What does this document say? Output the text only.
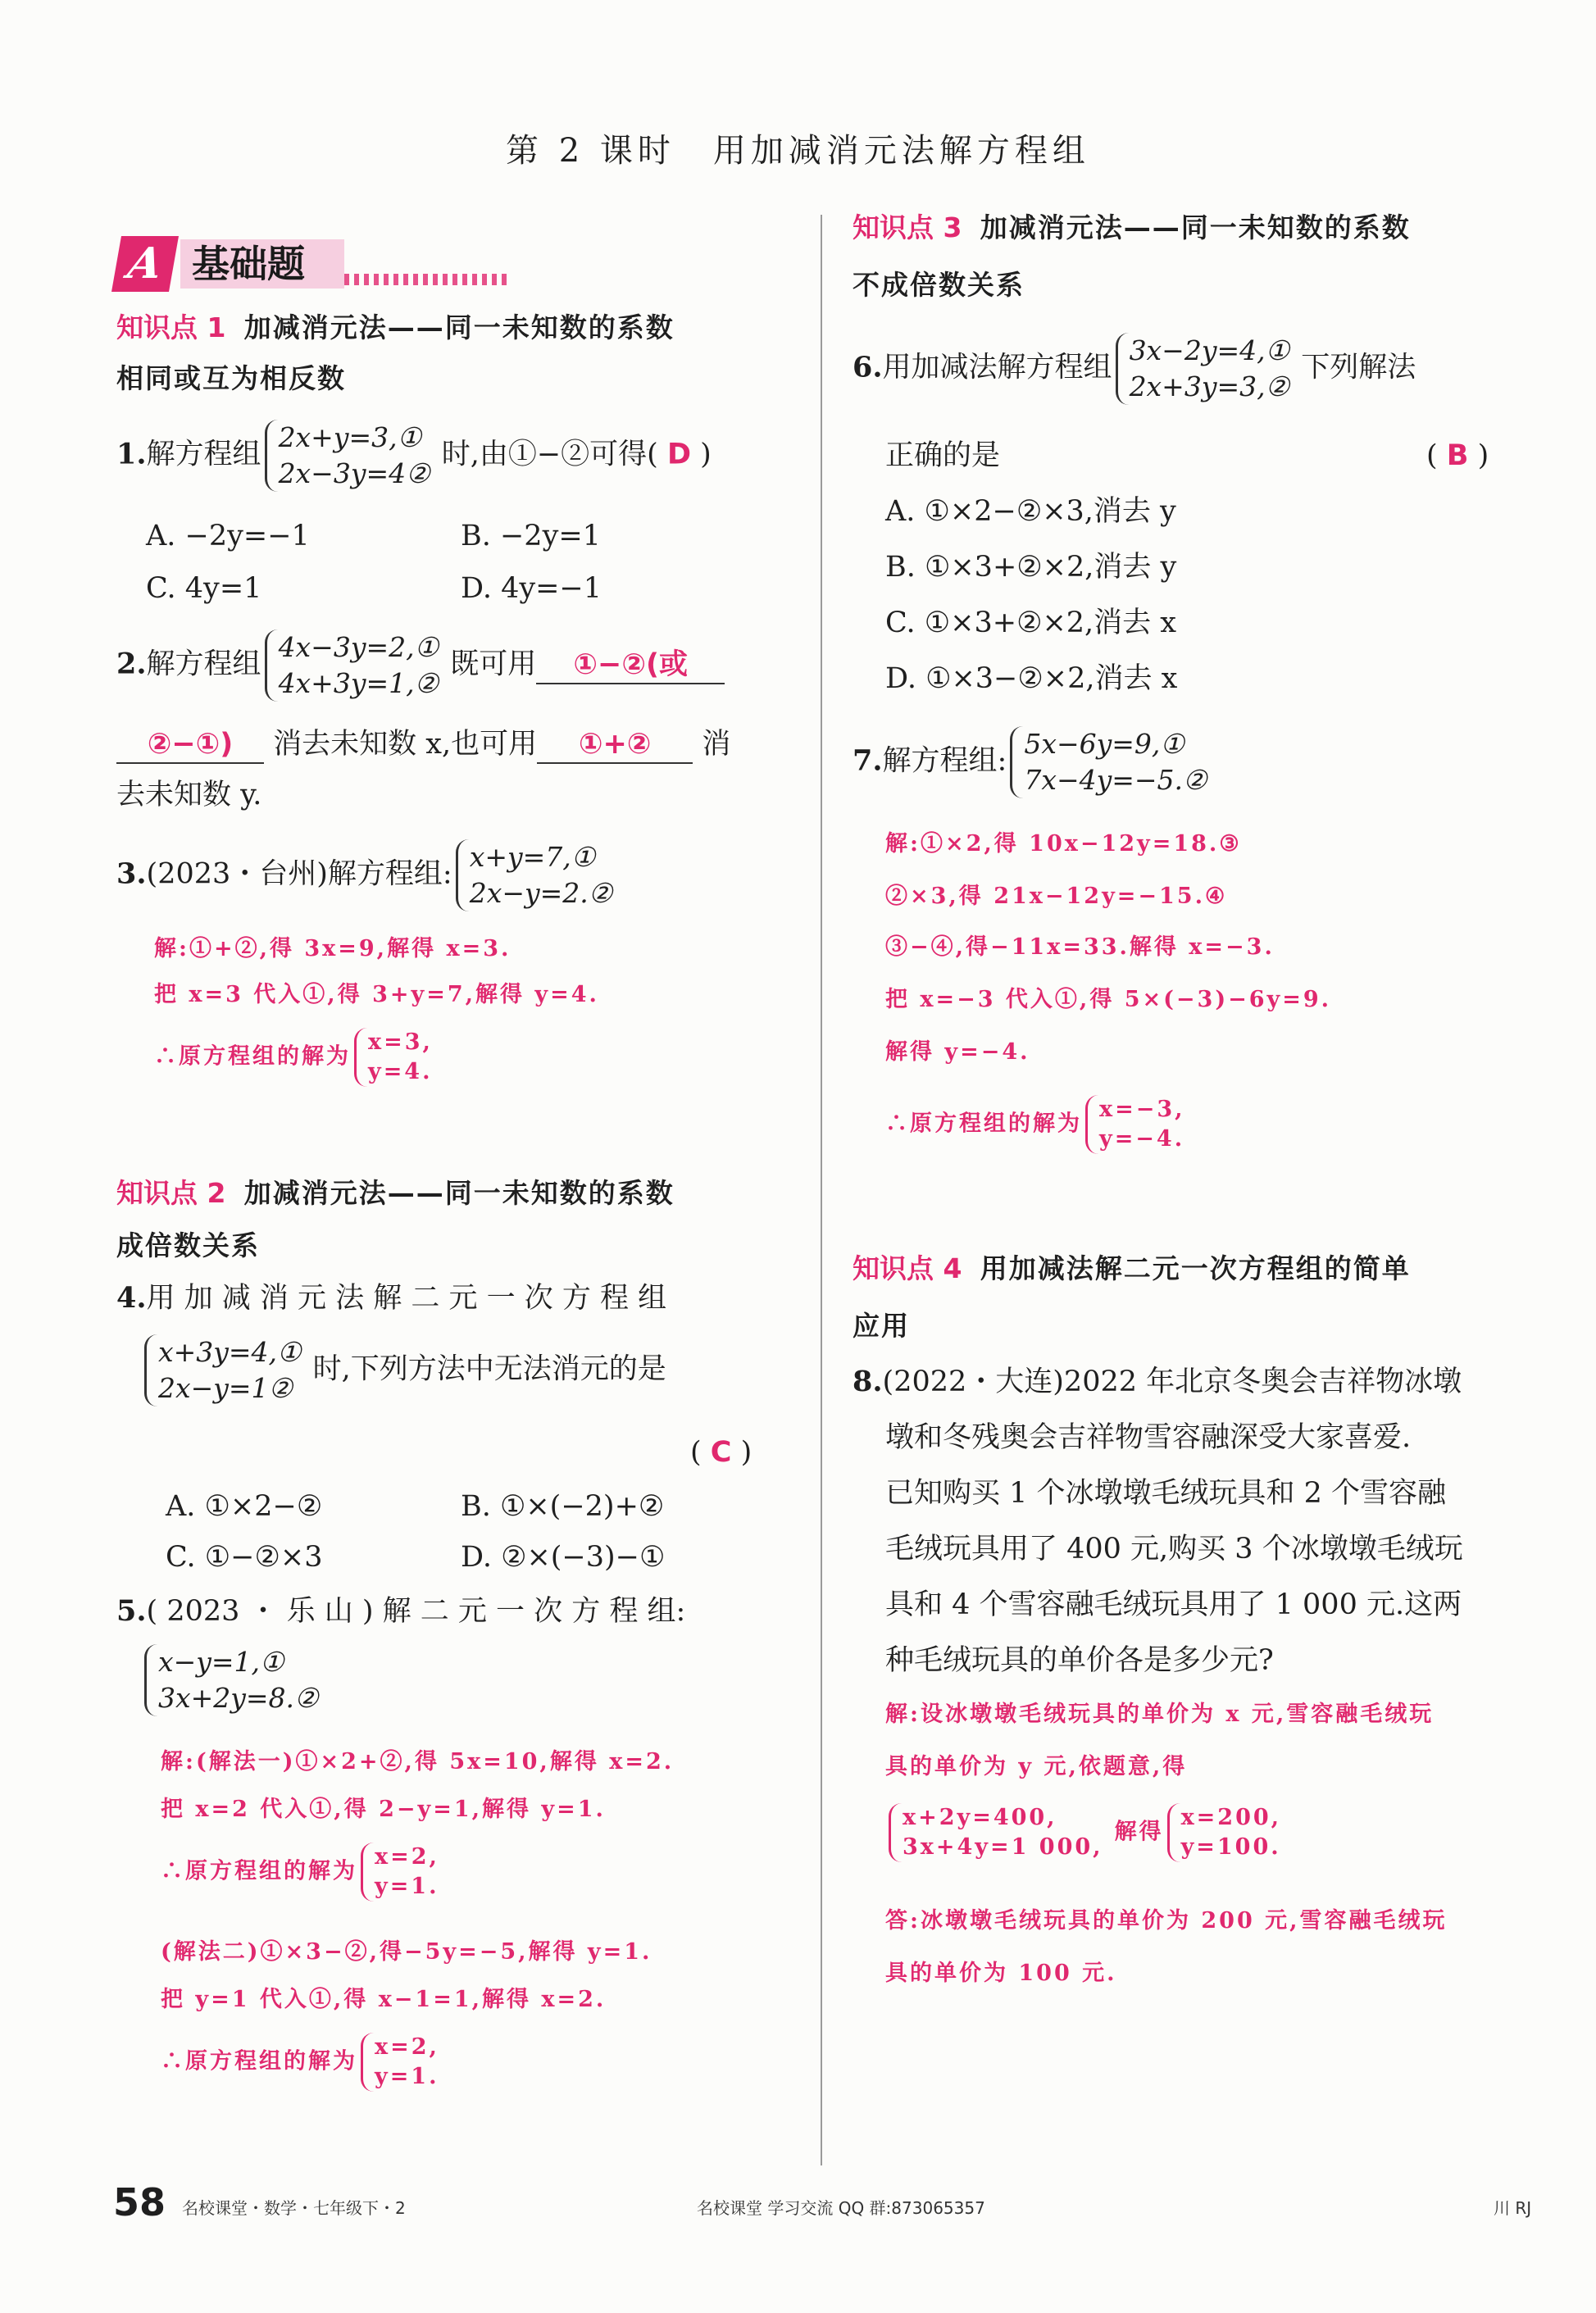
第 2 课时　用加减消元法解方程组
A 基础题
知识点 1 加减消元法——同一未知数的系数
相同或互为相反数
1.解方程组
2x+y=3,①
2x−3y=4②
时,由①−②可得( D )
A. −2y=−1	B. −2y=1
C. 4y=1	D. 4y=−1
2.解方程组
4x−3y=2,①
4x+3y=1,②
既可用 ①−②(或
②−①) 消去未知数 x,也可用 ①+② 消
去未知数 y.
3.(2023・台州)解方程组:
x+y=7,①
2x−y=2.②
解:①+②,得 3x=9,解得 x=3.
把 x=3 代入①,得 3+y=7,解得 y=4.
∴原方程组的解为
x=3,
y=4.
知识点 2 加减消元法——同一未知数的系数
成倍数关系
4.用 加 减 消 元 法 解 二 元 一 次 方 程 组
x+3y=4,①
2x−y=1②
时,下列方法中无法消元的是
( C )
A. ①×2−②	B. ①×(−2)+②
C. ①−②×3	D. ②×(−3)−①
5.( 2023 ・ 乐 山 ) 解 二 元 一 次 方 程 组:
x−y=1,①
3x+2y=8.②
解:(解法一)①×2+②,得 5x=10,解得 x=2.
把 x=2 代入①,得 2−y=1,解得 y=1.
∴原方程组的解为
x=2,
y=1.
(解法二)①×3−②,得−5y=−5,解得 y=1.
把 y=1 代入①,得 x−1=1,解得 x=2.
∴原方程组的解为
x=2,
y=1.
知识点 3 加减消元法——同一未知数的系数
不成倍数关系
6.用加减法解方程组
3x−2y=4,①
2x+3y=3,②
下列解法
正确的是	( B )
A. ①×2−②×3,消去 y
B. ①×3+②×2,消去 y
C. ①×3+②×2,消去 x
D. ①×3−②×2,消去 x
7.解方程组:
5x−6y=9,①
7x−4y=−5.②
解:①×2,得 10x−12y=18.③
②×3,得 21x−12y=−15.④
③−④,得−11x=33.解得 x=−3.
把 x=−3 代入①,得 5×(−3)−6y=9.
解得 y=−4.
∴原方程组的解为
x=−3,
y=−4.
知识点 4 用加减法解二元一次方程组的简单
应用
8.(2022・大连)2022 年北京冬奥会吉祥物冰墩
墩和冬残奥会吉祥物雪容融深受大家喜爱.
已知购买 1 个冰墩墩毛绒玩具和 2 个雪容融
毛绒玩具用了 400 元,购买 3 个冰墩墩毛绒玩
具和 4 个雪容融毛绒玩具用了 1 000 元.这两
种毛绒玩具的单价各是多少元?
解:设冰墩墩毛绒玩具的单价为 x 元,雪容融毛绒玩
具的单价为 y 元,依题意,得
x+2y=400,
3x+4y=1 000,
解得
x=200,
y=100.
答:冰墩墩毛绒玩具的单价为 200 元,雪容融毛绒玩
具的单价为 100 元.
58 名校课堂・数学・七年级下・2	名校课堂 学习交流 QQ 群:873065357	川 RJ
